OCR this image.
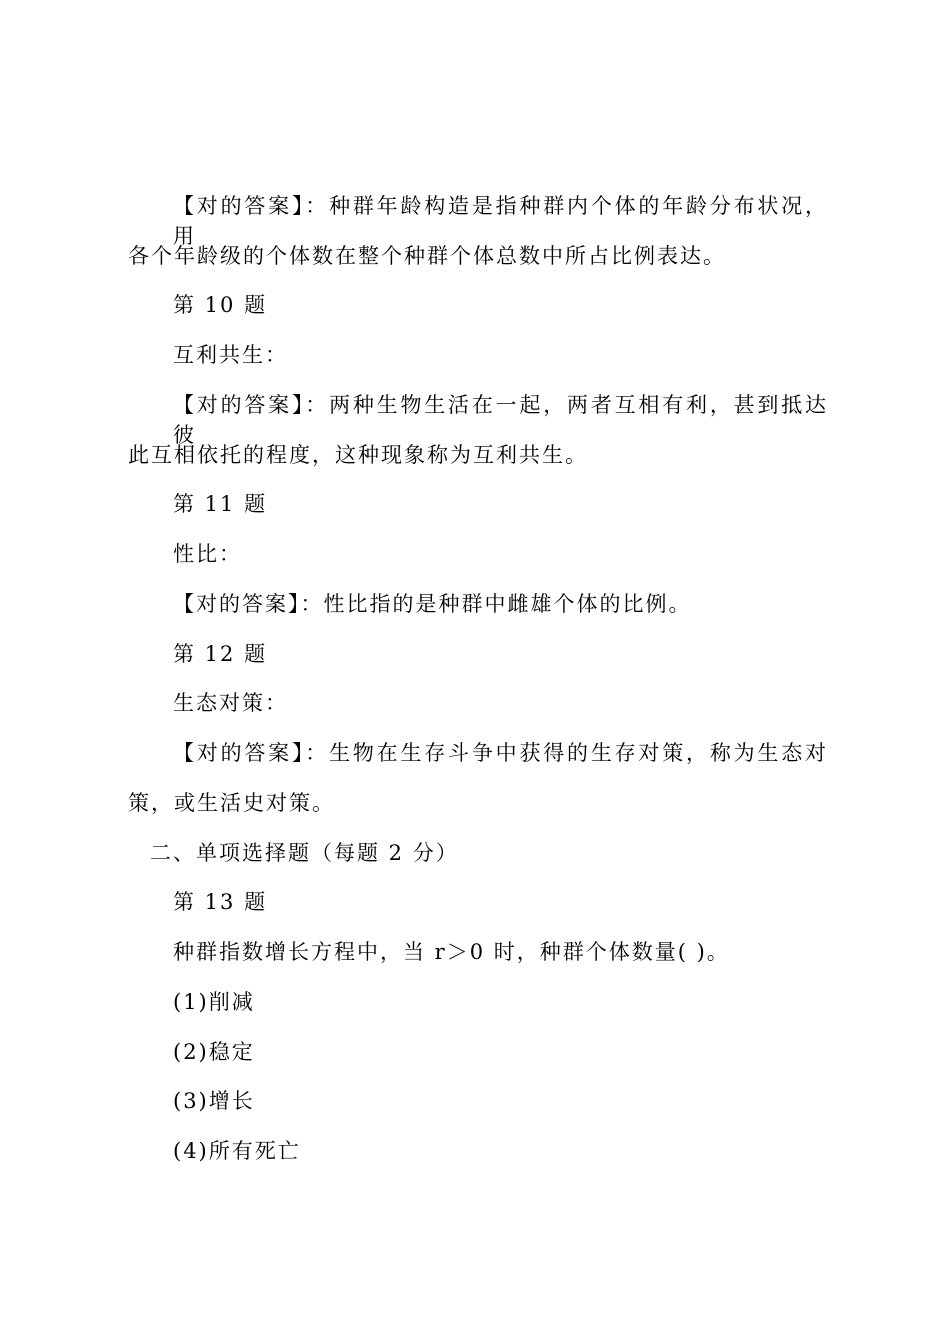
【对的答案】：种群年龄构造是指种群内个体的年龄分布状况，用
各个年龄级的个体数在整个种群个体总数中所占比例表达。
第 10 题
互利共生：
【对的答案】：两种生物生活在一起，两者互相有利，甚到抵达彼
此互相依托的程度，这种现象称为互利共生。
第 11 题
性比：
【对的答案】：性比指的是种群中雌雄个体的比例。
第 12 题
生态对策：
【对的答案】：生物在生存斗争中获得的生存对策，称为生态对
策，或生活史对策。
二、单项选择题（每题 2 分）
第 13 题
种群指数增长方程中，当 r＞0 时，种群个体数量( )。
(1)削减
(2)稳定
(3)增长
(4)所有死亡
